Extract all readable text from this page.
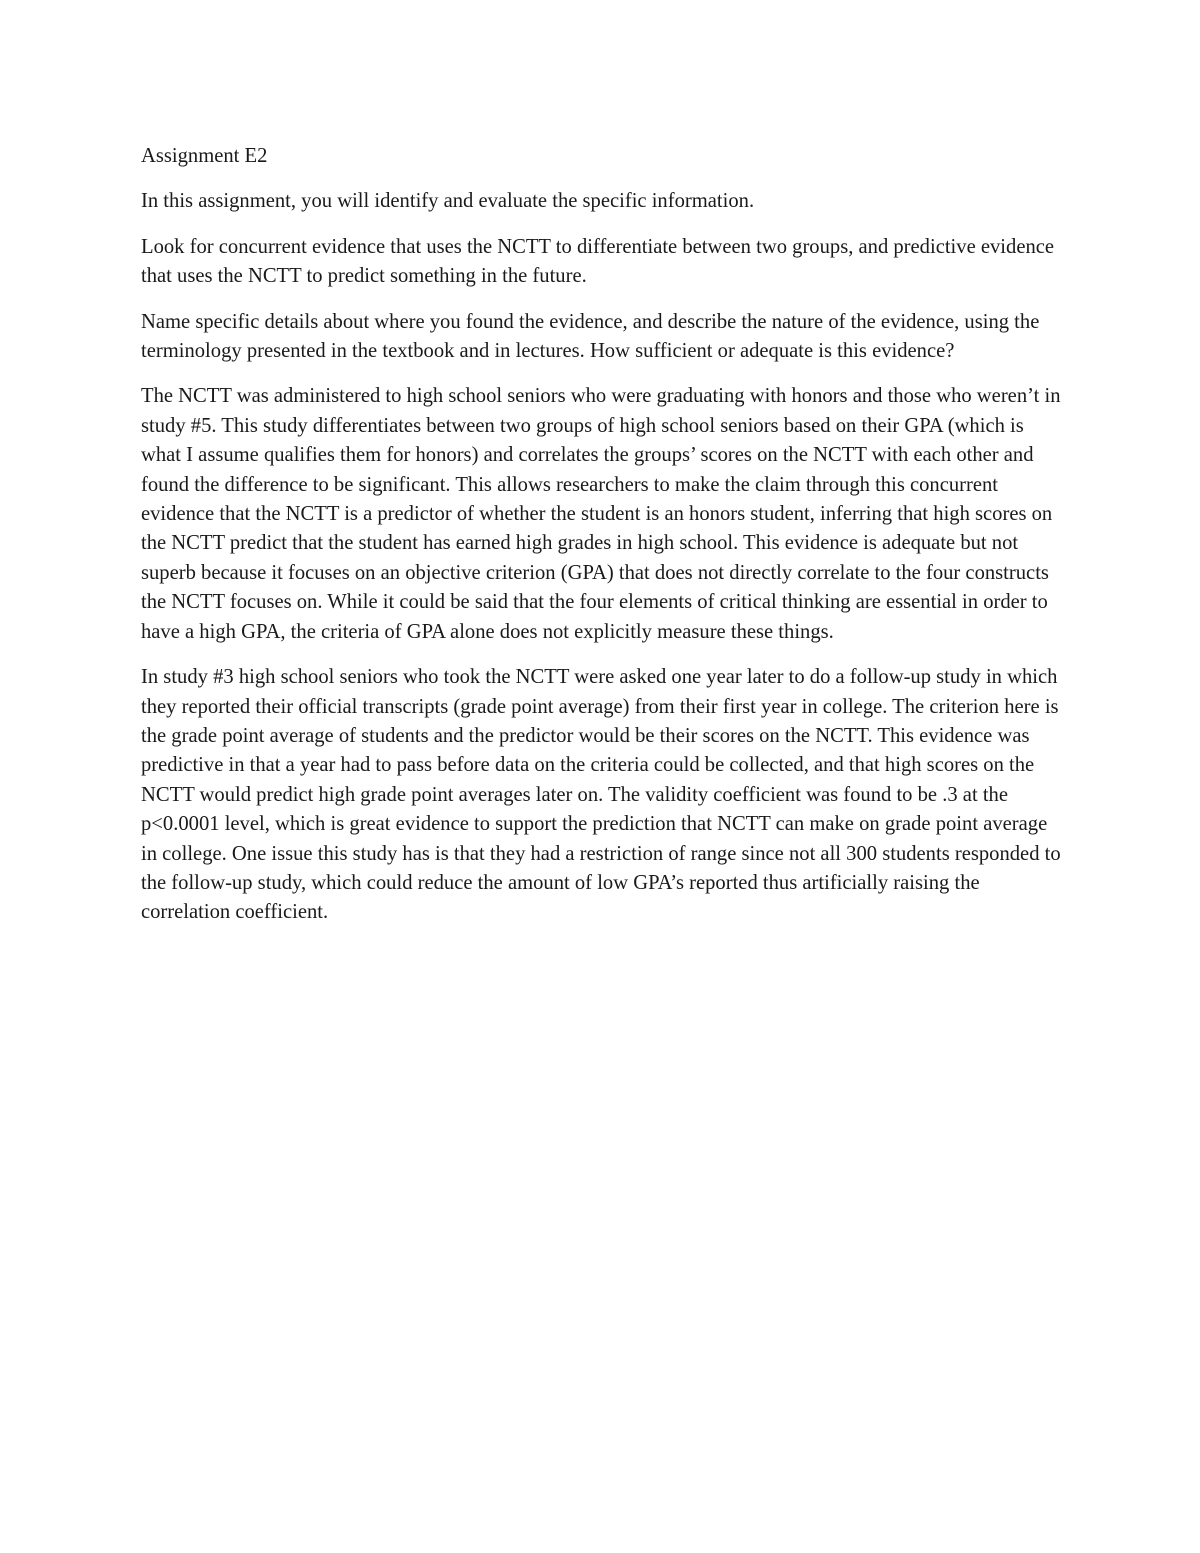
Assignment E2

In this assignment, you will identify and evaluate the specific information.

Look for concurrent evidence that uses the NCTT to differentiate between two groups, and predictive evidence that uses the NCTT to predict something in the future.

Name specific details about where you found the evidence, and describe the nature of the evidence, using the terminology presented in the textbook and in lectures. How sufficient or adequate is this evidence?

The NCTT was administered to high school seniors who were graduating with honors and those who weren’t in study #5. This study differentiates between two groups of high school seniors based on their GPA (which is what I assume qualifies them for honors) and correlates the groups’ scores on the NCTT with each other and found the difference to be significant. This allows researchers to make the claim through this concurrent evidence that the NCTT is a predictor of whether the student is an honors student, inferring that high scores on the NCTT predict that the student has earned high grades in high school. This evidence is adequate but not superb because it focuses on an objective criterion (GPA) that does not directly correlate to the four constructs the NCTT focuses on. While it could be said that the four elements of critical thinking are essential in order to have a high GPA, the criteria of GPA alone does not explicitly measure these things.

In study #3 high school seniors who took the NCTT were asked one year later to do a follow-up study in which they reported their official transcripts (grade point average) from their first year in college. The criterion here is the grade point average of students and the predictor would be their scores on the NCTT. This evidence was predictive in that a year had to pass before data on the criteria could be collected, and that high scores on the NCTT would predict high grade point averages later on. The validity coefficient was found to be .3 at the p<0.0001 level, which is great evidence to support the prediction that NCTT can make on grade point average in college. One issue this study has is that they had a restriction of range since not all 300 students responded to the follow-up study, which could reduce the amount of low GPA’s reported thus artificially raising the correlation coefficient.
